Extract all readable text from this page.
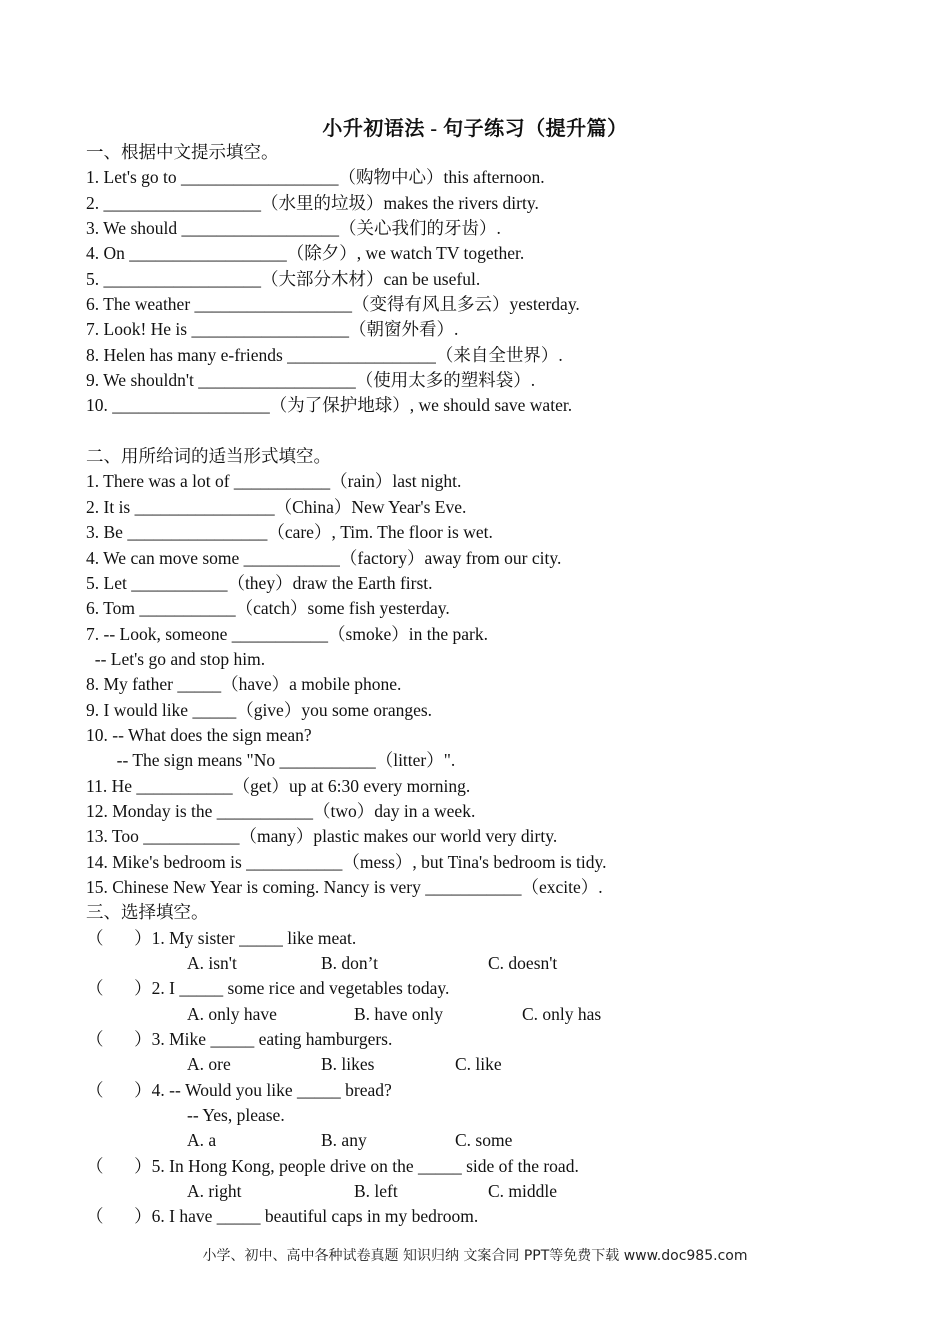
小升初语法 - 句子练习（提升篇）
一、根据中文提示填空。
1. Let's go to __________________（购物中心）this afternoon.
2. __________________（水里的垃圾）makes the rivers dirty.
3. We should __________________（关心我们的牙齿）.
4. On __________________（除夕）, we watch TV together.
5. __________________（大部分木材）can be useful.
6. The weather __________________（变得有风且多云）yesterday.
7. Look! He is __________________（朝窗外看）.
8. Helen has many e-friends _________________（来自全世界）.
9. We shouldn't __________________（使用太多的塑料袋）.
10. __________________（为了保护地球）, we should save water.
二、用所给词的适当形式填空。
1. There was a lot of ___________（rain）last night.
2. It is ________________（China）New Year's Eve.
3. Be ________________（care）, Tim. The floor is wet.
4. We can move some ___________（factory）away from our city.
5. Let ___________（they）draw the Earth first.
6. Tom ___________（catch）some fish yesterday.
7. -- Look, someone ___________（smoke）in the park.
-- Let's go and stop him.
8. My father _____（have）a mobile phone.
9. I would like _____（give）you some oranges.
10. -- What does the sign mean?
-- The sign means "No ___________（litter）".
11. He ___________（get）up at 6:30 every morning.
12. Monday is the ___________（two）day in a week.
13. Too ___________（many）plastic makes our world very dirty.
14. Mike's bedroom is ___________（mess）, but Tina's bedroom is tidy.
15. Chinese New Year is coming. Nancy is very ___________（excite）.
三、选择填空。
（       ）1. My sister _____ like meat.
A. isn't	B. don’t	C. doesn't
（       ）2. I _____ some rice and vegetables today.
A. only have	B. have only	C. only has
（       ）3. Mike _____ eating hamburgers.
A. ore	B. likes	C. like
（       ）4. -- Would you like _____ bread?
-- Yes, please.
A. a	B. any	C. some
（       ）5. In Hong Kong, people drive on the _____ side of the road.
A. right	B. left	C. middle
（       ）6. I have _____ beautiful caps in my bedroom.
小学、初中、高中各种试卷真题 知识归纳 文案合同 PPT等免费下载 www.doc985.com
